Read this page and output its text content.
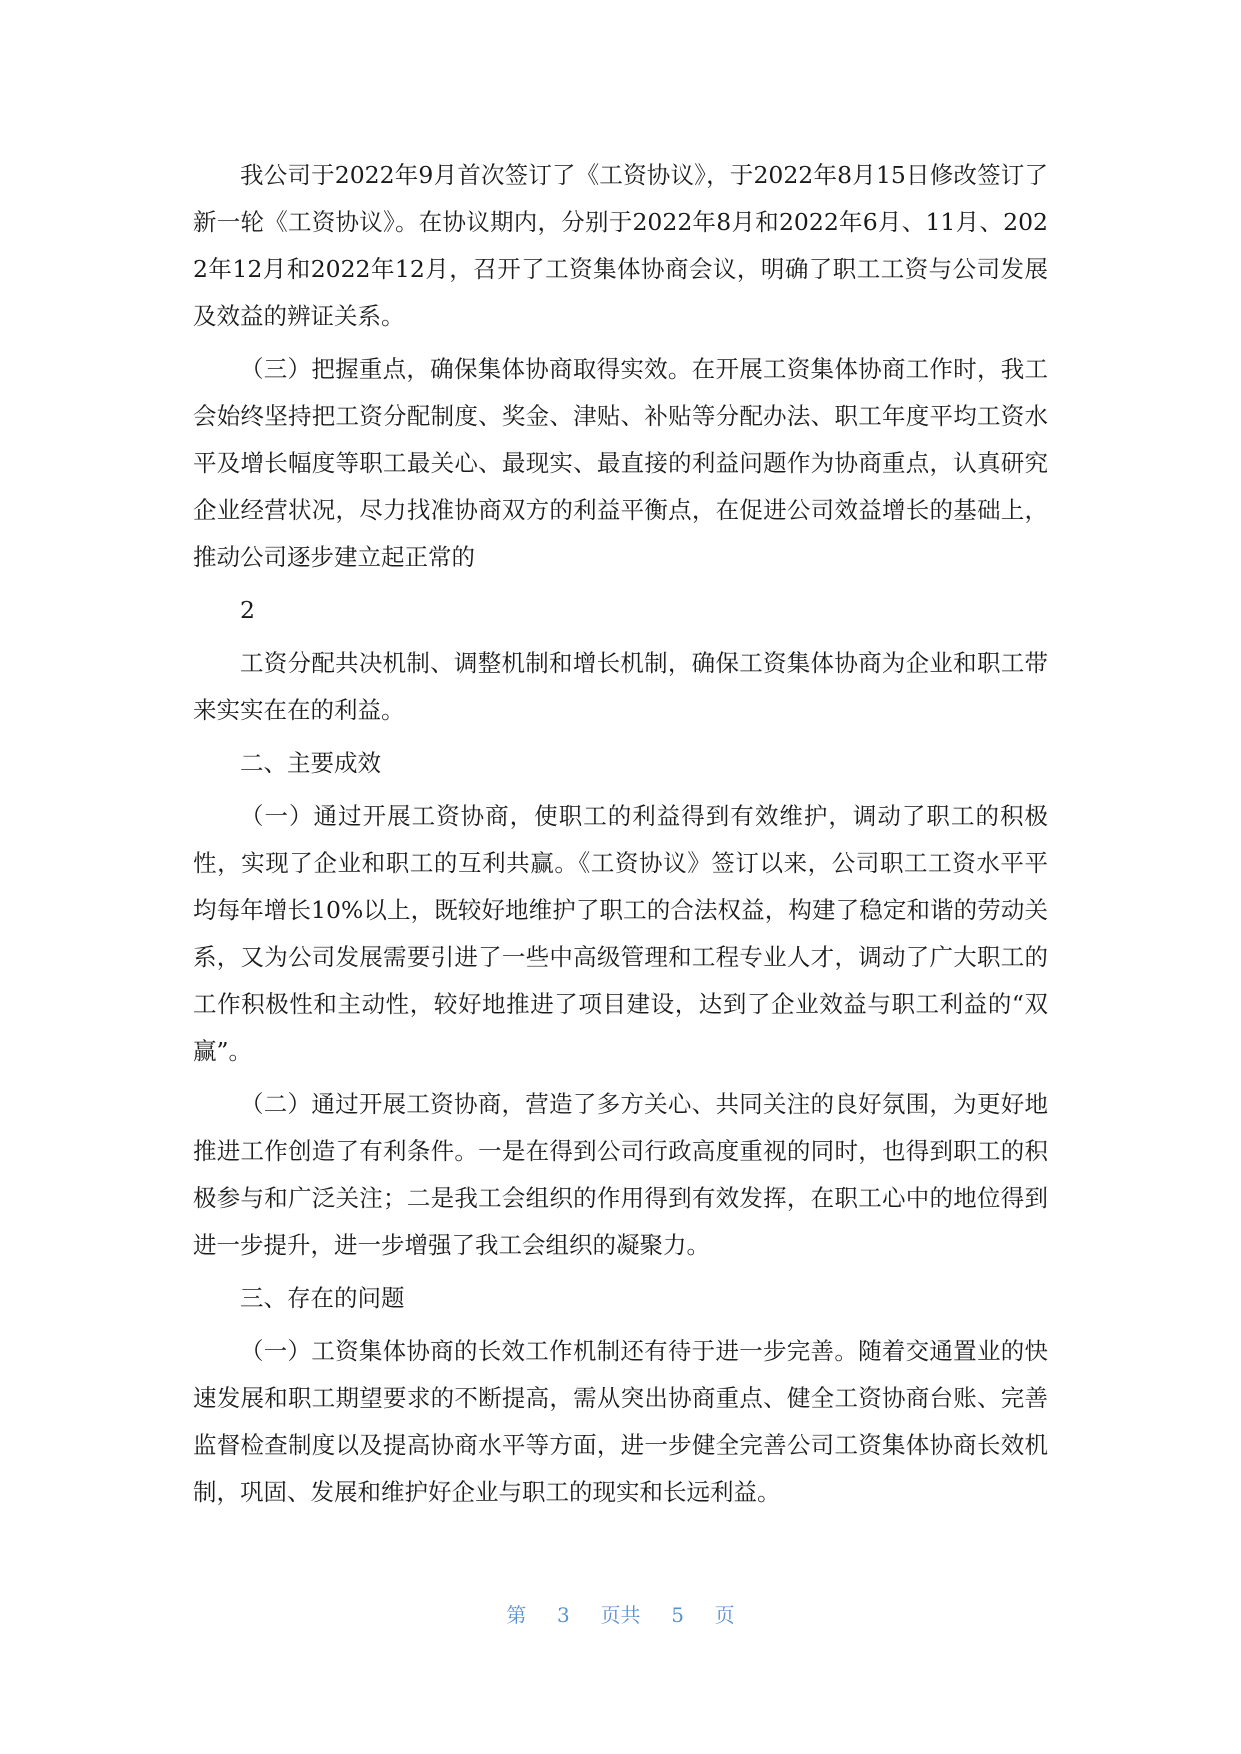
我公司于2022年9月首次签订了《工资协议》，于2022年8月15日修改签订了新一轮《工资协议》。在协议期内，分别于2022年8月和2022年6月、11月、2022年12月和2022年12月，召开了工资集体协商会议，明确了职工工资与公司发展及效益的辨证关系。

（三）把握重点，确保集体协商取得实效。在开展工资集体协商工作时，我工会始终坚持把工资分配制度、奖金、津贴、补贴等分配办法、职工年度平均工资水平及增长幅度等职工最关心、最现实、最直接的利益问题作为协商重点，认真研究企业经营状况，尽力找准协商双方的利益平衡点，在促进公司效益增长的基础上，推动公司逐步建立起正常的

2

工资分配共决机制、调整机制和增长机制，确保工资集体协商为企业和职工带来实实在在的利益。

二、主要成效

（一）通过开展工资协商，使职工的利益得到有效维护，调动了职工的积极性，实现了企业和职工的互利共赢。《工资协议》签订以来，公司职工工资水平平均每年增长10%以上，既较好地维护了职工的合法权益，构建了稳定和谐的劳动关系，又为公司发展需要引进了一些中高级管理和工程专业人才，调动了广大职工的工作积极性和主动性，较好地推进了项目建设，达到了企业效益与职工利益的“双赢”。

（二）通过开展工资协商，营造了多方关心、共同关注的良好氛围，为更好地推进工作创造了有利条件。一是在得到公司行政高度重视的同时，也得到职工的积极参与和广泛关注；二是我工会组织的作用得到有效发挥，在职工心中的地位得到进一步提升，进一步增强了我工会组织的凝聚力。

三、存在的问题

（一）工资集体协商的长效工作机制还有待于进一步完善。随着交通置业的快速发展和职工期望要求的不断提高，需从突出协商重点、健全工资协商台账、完善监督检查制度以及提高协商水平等方面，进一步健全完善公司工资集体协商长效机制，巩固、发展和维护好企业与职工的现实和长远利益。

第 3 页共 5 页
